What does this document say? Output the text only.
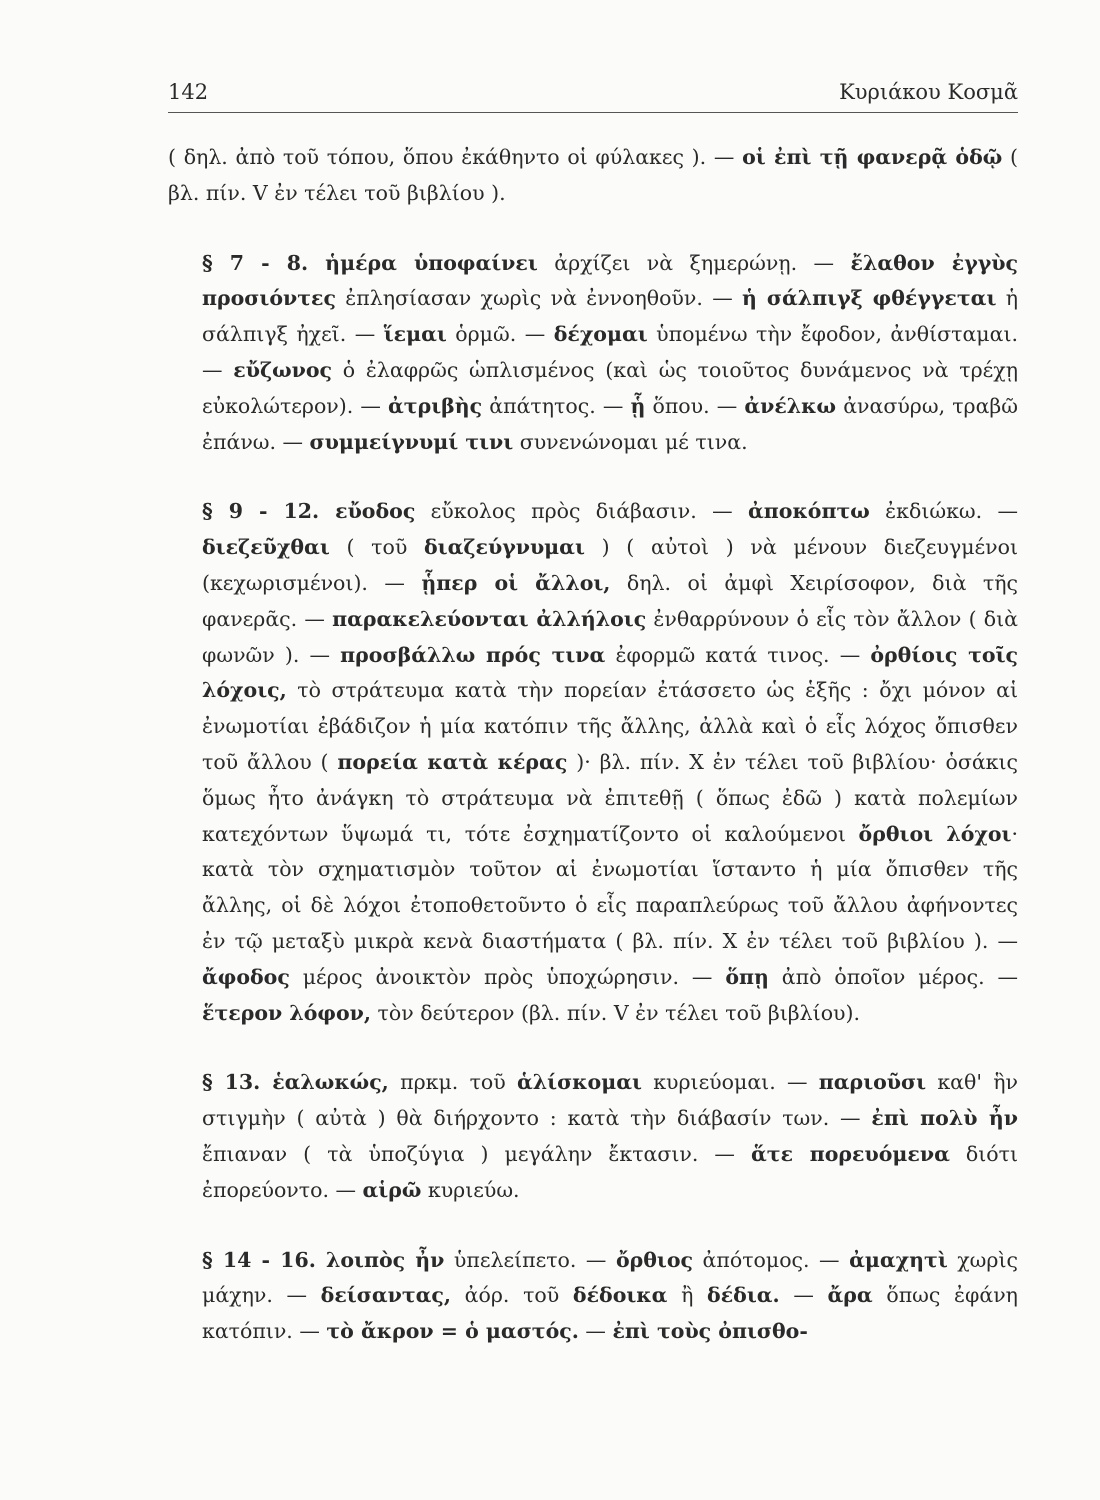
142	Κυριάκου Κοσμᾶ

( δηλ. ἀπὸ τοῦ τόπου, ὅπου ἐκάθηντο οἱ φύλακες ). — οἱ ἐπὶ τῇ φανερᾷ ὁδῷ ( βλ. πίν. V ἐν τέλει τοῦ βιβλίου ).

§ 7 - 8. ἡμέρα ὑποφαίνει ἀρχίζει νὰ ξημερώνῃ. — ἔλαθον ἐγγὺς προσιόντες ἐπλησίασαν χωρὶς νὰ ἐννοηθοῦν. — ἡ σάλπιγξ φθέγγεται ἡ σάλπιγξ ἠχεῖ. — ἵεμαι ὁρμῶ. — δέχομαι ὑπομένω τὴν ἔφοδον, ἀνθίσταμαι. — εὔζωνος ὁ ἐλαφρῶς ὡπλισμένος (καὶ ὡς τοιοῦτος δυνάμενος νὰ τρέχῃ εὐκολώτερον). — ἀτριβὴς ἀπάτητος. — ᾗ ὅπου. — ἀνέλκω ἀνασύρω, τραβῶ ἐπάνω. — συμμείγνυμί τινι συνενώνομαι μέ τινα.

§ 9 - 12. εὔοδος εὔκολος πρὸς διάβασιν. — ἀποκόπτω ἐκδιώκω. — διεζεῦχθαι ( τοῦ διαζεύγνυμαι ) ( αὐτοὶ ) νὰ μένουν διεζευγμένοι (κεχωρισμένοι). — ᾗπερ οἱ ἄλλοι, δηλ. οἱ ἀμφὶ Χειρίσοφον, διὰ τῆς φανερᾶς. — παρακελεύονται ἀλλήλοις ἐνθαρρύνουν ὁ εἷς τὸν ἄλλον ( διὰ φωνῶν ). — προσβάλλω πρός τινα ἐφορμῶ κατά τινος. — ὀρθίοις τοῖς λόχοις, τὸ στράτευμα κατὰ τὴν πορείαν ἐτάσσετο ὡς ἑξῆς : ὄχι μόνον αἱ ἐνωμοτίαι ἐβάδιζον ἡ μία κατόπιν τῆς ἄλλης, ἀλλὰ καὶ ὁ εἷς λόχος ὄπισθεν τοῦ ἄλλου ( πορεία κατὰ κέρας )· βλ. πίν. Χ ἐν τέλει τοῦ βιβλίου· ὁσάκις ὅμως ἦτο ἀνάγκη τὸ στράτευμα νὰ ἐπιτεθῇ ( ὅπως ἐδῶ ) κατὰ πολεμίων κατεχόντων ὕψωμά τι, τότε ἐσχηματίζοντο οἱ καλούμενοι ὄρθιοι λόχοι· κατὰ τὸν σχηματισμὸν τοῦτον αἱ ἐνωμοτίαι ἵσταντο ἡ μία ὄπισθεν τῆς ἄλλης, οἱ δὲ λόχοι ἐτοποθετοῦντο ὁ εἷς παραπλεύρως τοῦ ἄλλου ἀφήνοντες ἐν τῷ μεταξὺ μικρὰ κενὰ διαστήματα ( βλ. πίν. Χ ἐν τέλει τοῦ βιβλίου ). — ἄφοδος μέρος ἀνοικτὸν πρὸς ὑποχώρησιν. — ὅπῃ ἀπὸ ὁποῖον μέρος. — ἕτερον λόφον, τὸν δεύτερον (βλ. πίν. V ἐν τέλει τοῦ βιβλίου).

§ 13. ἑαλωκώς, πρκμ. τοῦ ἁλίσκομαι κυριεύομαι. — παριοῦσι καθ' ἣν στιγμὴν ( αὐτὰ ) θὰ διήρχοντο : κατὰ τὴν διάβασίν των. — ἐπὶ πολὺ ἦν ἔπιαναν ( τὰ ὑποζύγια ) μεγάλην ἔκτασιν. — ἅτε πορευόμενα διότι ἐπορεύοντο. — αἱρῶ κυριεύω.

§ 14 - 16. λοιπὸς ἦν ὑπελείπετο. — ὄρθιος ἀπότομος. — ἀμαχητὶ χωρὶς μάχην. — δείσαντας, ἀόρ. τοῦ δέδοικα ἢ δέδια. — ἄρα ὅπως ἐφάνη κατόπιν. — τὸ ἄκρον = ὁ μαστός. — ἐπὶ τοὺς ὀπισθο-
